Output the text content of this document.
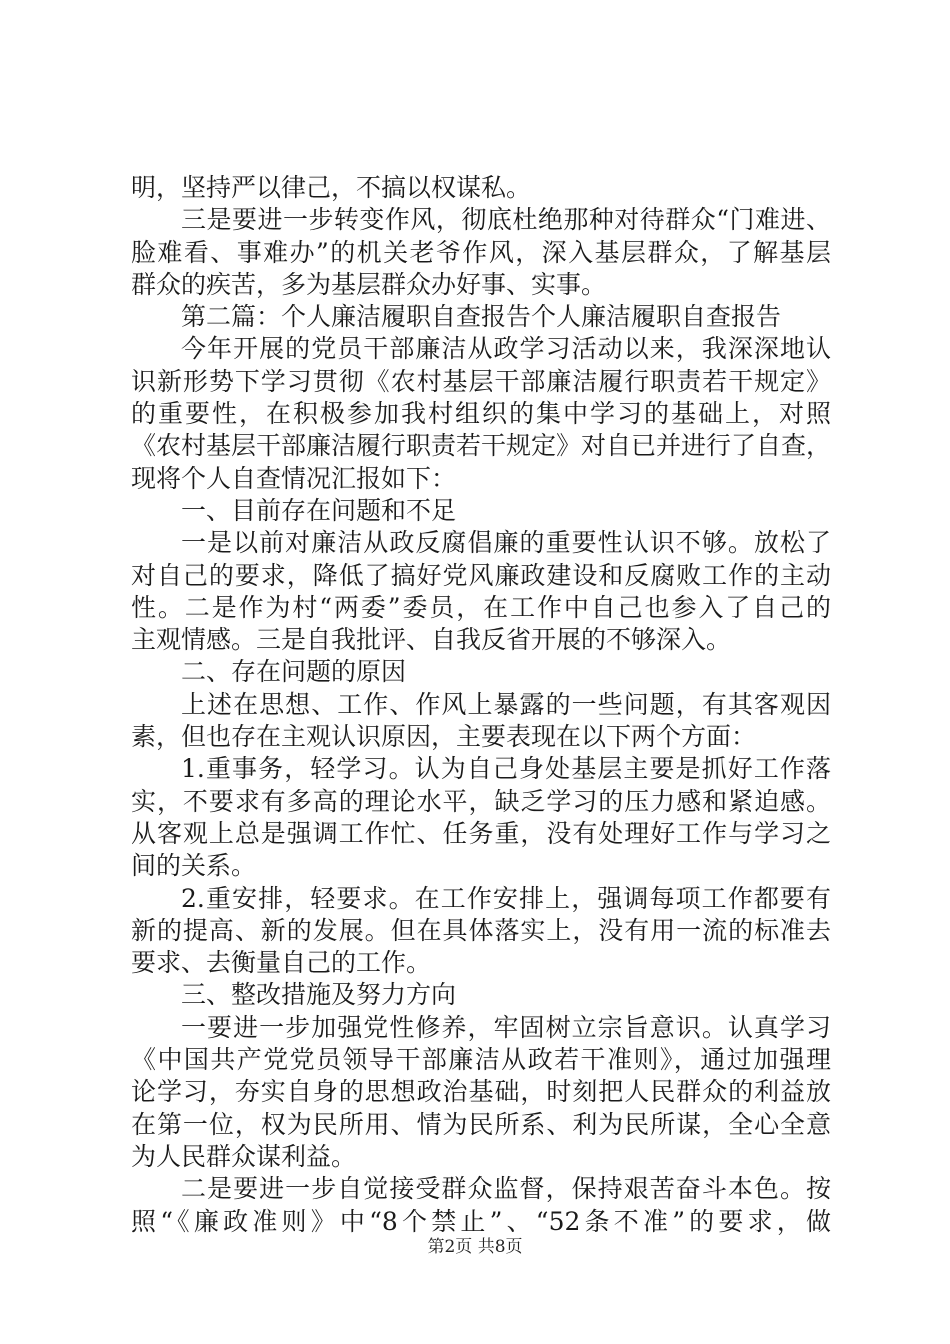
明，坚持严以律己，不搞以权谋私。
三是要进一步转变作风，彻底杜绝那种对待群众“门难进、
脸难看、事难办”的机关老爷作风，深入基层群众，了解基层
群众的疾苦，多为基层群众办好事、实事。
第二篇：个人廉洁履职自查报告个人廉洁履职自查报告
今年开展的党员干部廉洁从政学习活动以来，我深深地认
识新形势下学习贯彻《农村基层干部廉洁履行职责若干规定》
的重要性，在积极参加我村组织的集中学习的基础上，对照
《农村基层干部廉洁履行职责若干规定》对自已并进行了自查，
现将个人自查情况汇报如下：
一、目前存在问题和不足
一是以前对廉洁从政反腐倡廉的重要性认识不够。放松了
对自己的要求，降低了搞好党风廉政建设和反腐败工作的主动
性。二是作为村“两委”委员，在工作中自己也参入了自己的
主观情感。三是自我批评、自我反省开展的不够深入。
二、存在问题的原因
上述在思想、工作、作风上暴露的一些问题，有其客观因
素，但也存在主观认识原因，主要表现在以下两个方面：
1.重事务，轻学习。认为自己身处基层主要是抓好工作落
实，不要求有多高的理论水平，缺乏学习的压力感和紧迫感。
从客观上总是强调工作忙、任务重，没有处理好工作与学习之
间的关系。
2.重安排，轻要求。在工作安排上，强调每项工作都要有
新的提高、新的发展。但在具体落实上，没有用一流的标准去
要求、去衡量自己的工作。
三、整改措施及努力方向
一要进一步加强党性修养，牢固树立宗旨意识。认真学习
《中国共产党党员领导干部廉洁从政若干准则》，通过加强理
论学习，夯实自身的思想政治基础，时刻把人民群众的利益放
在第一位，权为民所用、情为民所系、利为民所谋，全心全意
为人民群众谋利益。
二是要进一步自觉接受群众监督，保持艰苦奋斗本色。按
照“《廉政准则》中“8个禁止”、“52条不准”的要求，做
第2页 共8页
